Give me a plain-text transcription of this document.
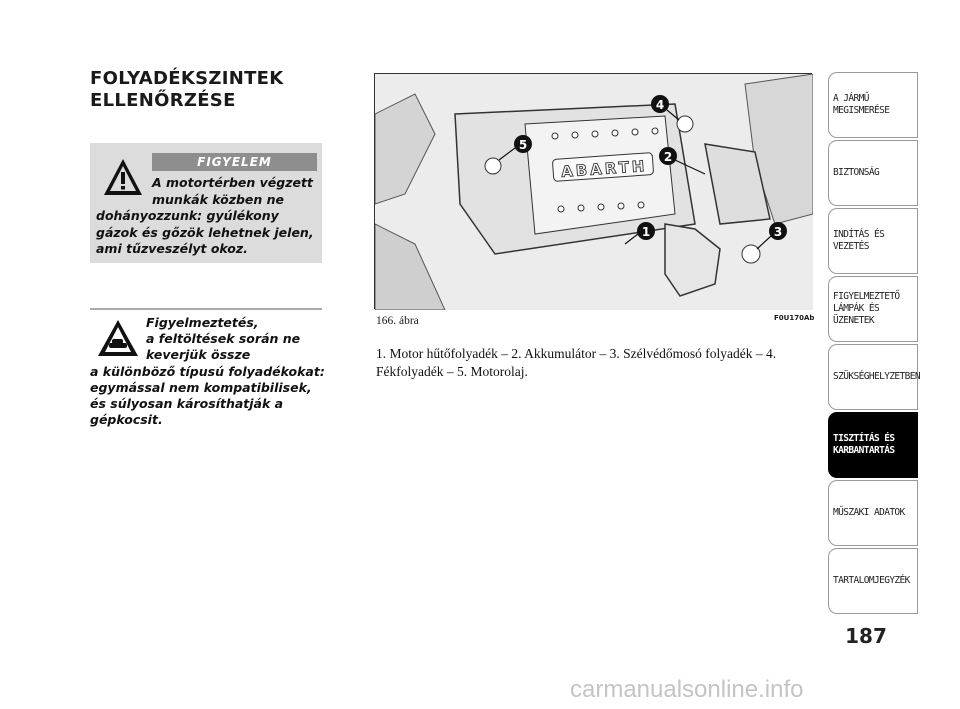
FOLYADÉKSZINTEK
ELLENŐRZÉSE
FIGYELEM
A motortérben végzett
munkák közben ne
dohányozzunk: gyúlékony gázok és gőzök lehetnek jelen, ami tűzveszélyt okoz.
Figyelmeztetés,
a feltöltések során ne
keverjük össze
a különböző típusú folyadékokat: egymással nem kompatibilisek, és súlyosan károsíthatják a gépkocsit.
ABARTH
1
2
3
4
5
166. ábra	F0U170Ab
1. Motor hűtőfolyadék – 2. Akkumulátor – 3. Szélvédőmosó folyadék – 4. Fékfolyadék – 5. Motorolaj.
A JÁRMŰ MEGISMERÉSE
BIZTONSÁG
INDÍTÁS ÉS VEZETÉS
FIGYELMEZTETŐ LÁMPÁK ÉS ÜZENETEK
SZÜKSÉGHELYZETBEN
TISZTÍTÁS ÉS KARBANTARTÁS
MŰSZAKI ADATOK
TARTALOMJEGYZÉK
187
carmanualsonline.info
